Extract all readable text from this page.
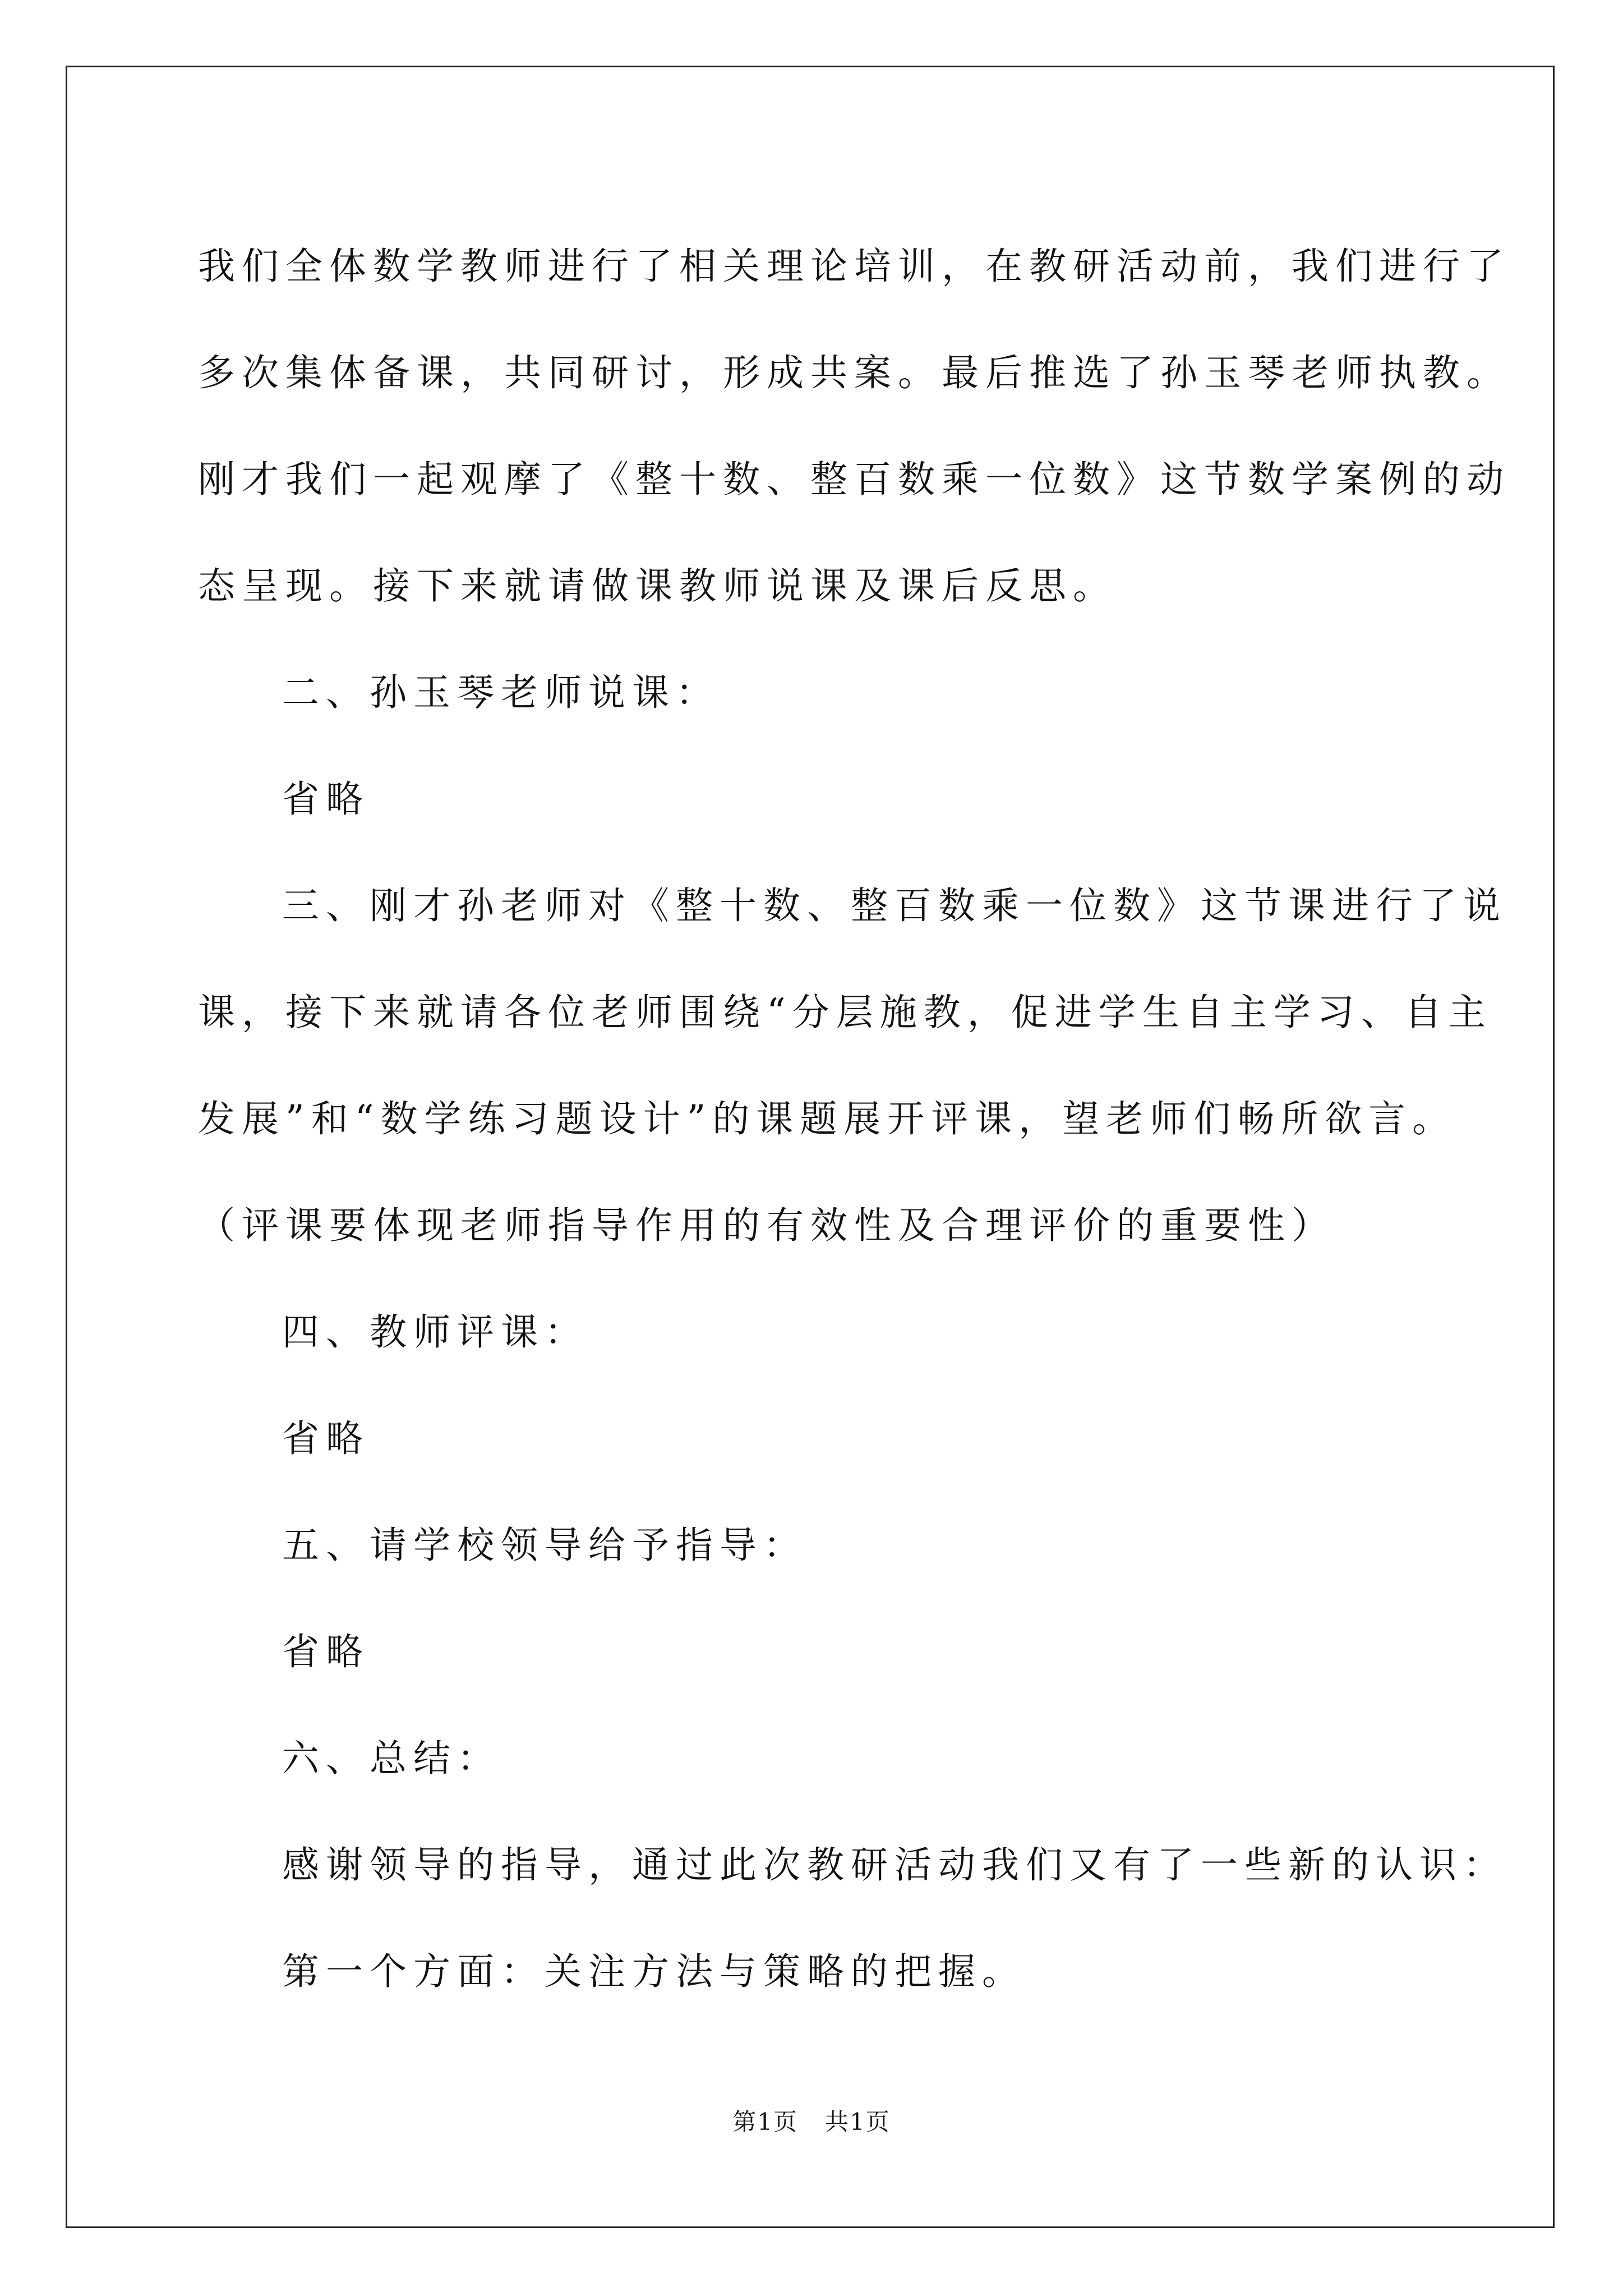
我们全体数学教师进行了相关理论培训，在教研活动前，我们进行了
多次集体备课，共同研讨，形成共案。最后推选了孙玉琴老师执教。
刚才我们一起观摩了《整十数、整百数乘一位数》这节数学案例的动
态呈现。接下来就请做课教师说课及课后反思。

二、孙玉琴老师说课：

省略

三、刚才孙老师对《整十数、整百数乘一位数》这节课进行了说

课，接下来就请各位老师围绕“分层施教，促进学生自主学习、自主
发展”和“数学练习题设计”的课题展开评课，望老师们畅所欲言。
（评课要体现老师指导作用的有效性及合理评价的重要性）

四、教师评课：

省略

五、请学校领导给予指导：

省略

六、总结：

感谢领导的指导，通过此次教研活动我们又有了一些新的认识：

第一个方面：关注方法与策略的把握。

第1页 共1页
